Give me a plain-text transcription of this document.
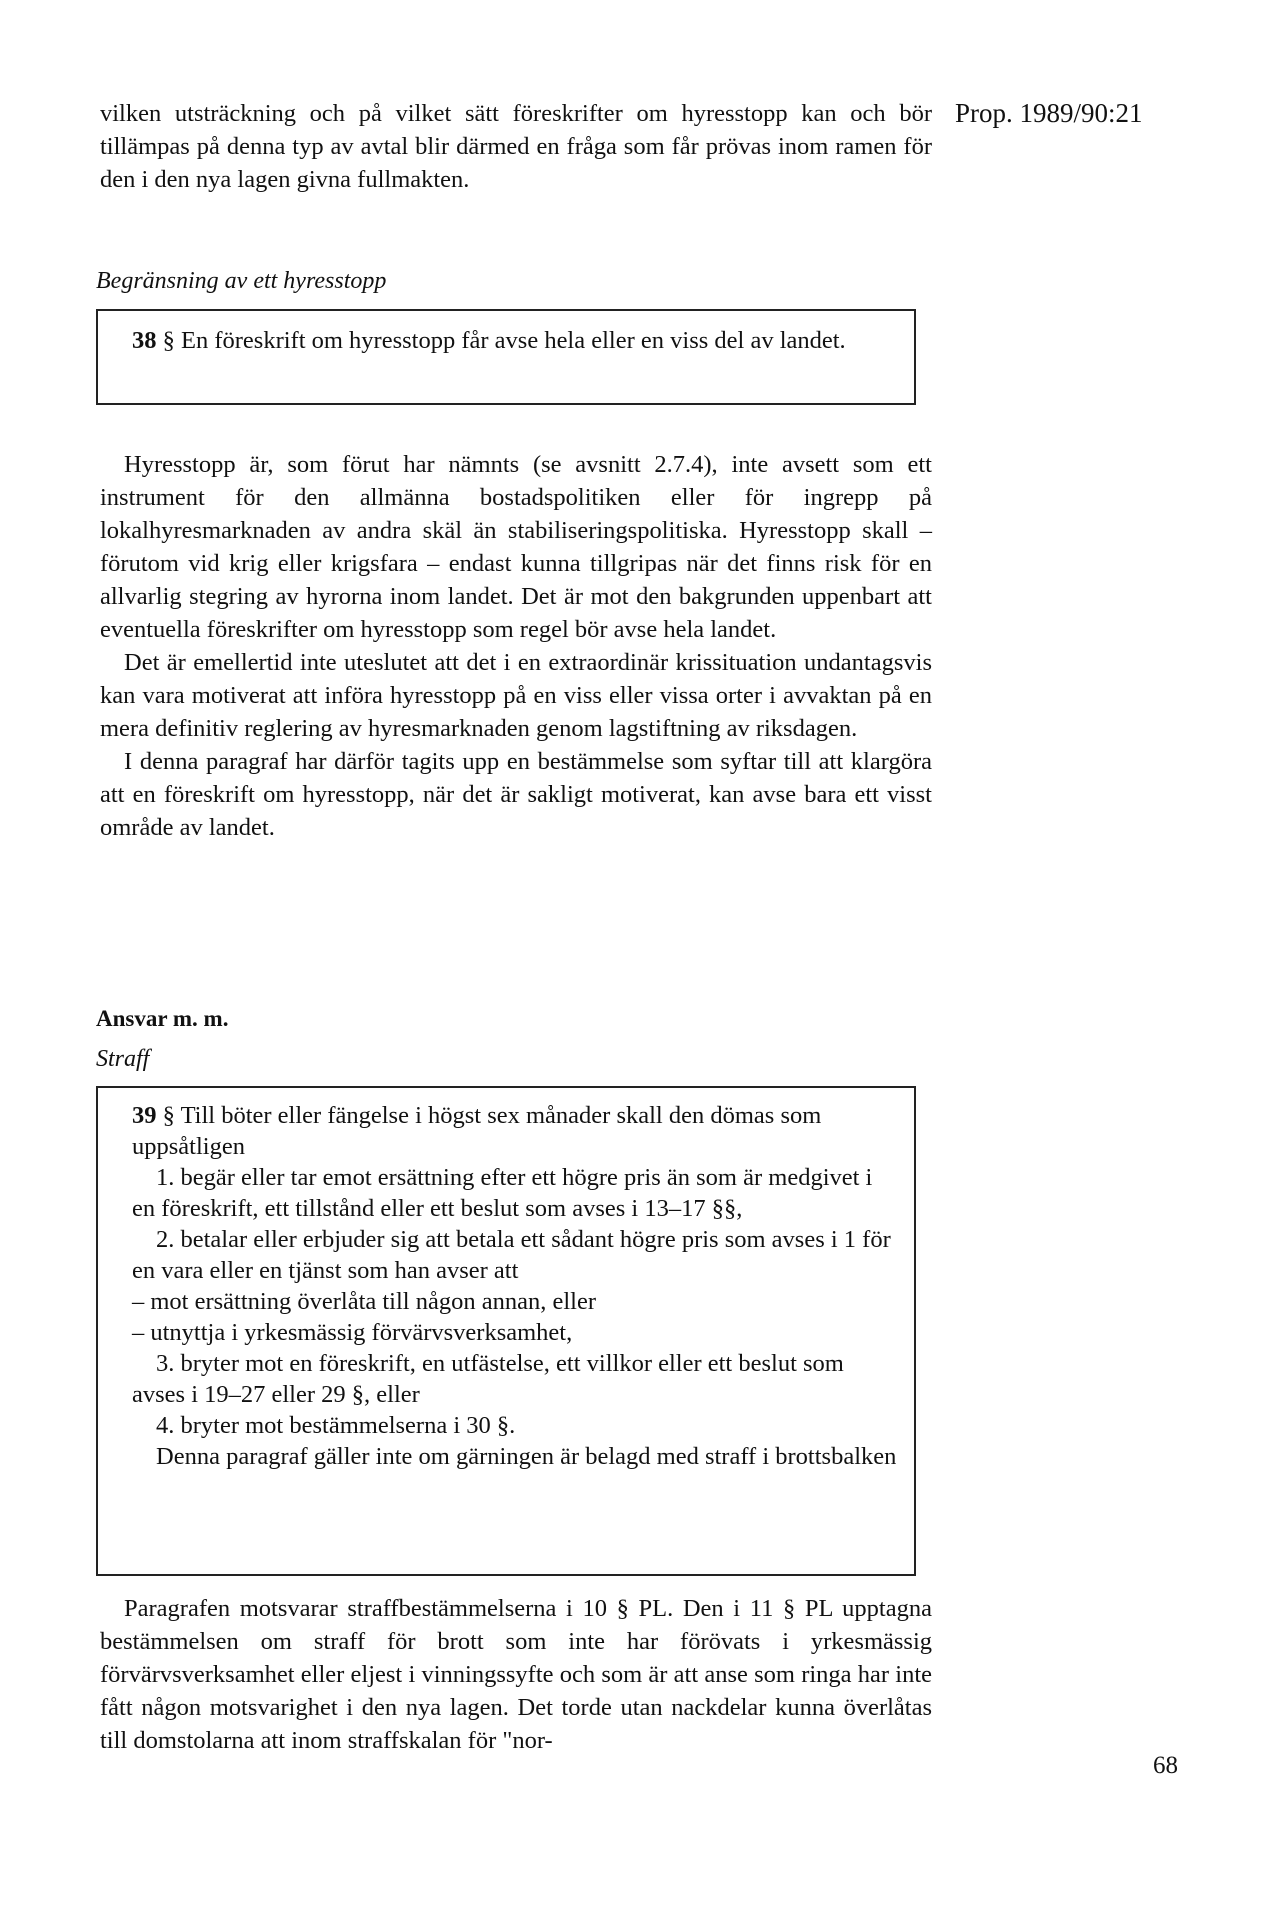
vilken utsträckning och på vilket sätt föreskrifter om hyresstopp kan och bör tillämpas på denna typ av avtal blir därmed en fråga som får prövas inom ramen för den i den nya lagen givna fullmakten.

Prop. 1989/90:21
Begränsning av ett hyresstopp

38 § En föreskrift om hyresstopp får avse hela eller en viss del av landet.

Hyresstopp är, som förut har nämnts (se avsnitt 2.7.4), inte avsett som ett instrument för den allmänna bostadspolitiken eller för ingrepp på lokalhyresmarknaden av andra skäl än stabiliseringspolitiska. Hyresstopp skall – förutom vid krig eller krigsfara – endast kunna tillgripas när det finns risk för en allvarlig stegring av hyrorna inom landet. Det är mot den bakgrunden uppenbart att eventuella föreskrifter om hyresstopp som regel bör avse hela landet.

Det är emellertid inte uteslutet att det i en extraordinär krissituation undantagsvis kan vara motiverat att införa hyresstopp på en viss eller vissa orter i avvaktan på en mera definitiv reglering av hyresmarknaden genom lagstiftning av riksdagen.

I denna paragraf har därför tagits upp en bestämmelse som syftar till att klargöra att en föreskrift om hyresstopp, när det är sakligt motiverat, kan avse bara ett visst område av landet.

Ansvar m. m.
Straff

39 § Till böter eller fängelse i högst sex månader skall den dömas som uppsåtligen

1. begär eller tar emot ersättning efter ett högre pris än som är medgivet i en föreskrift, ett tillstånd eller ett beslut som avses i 13–17 §§,

2. betalar eller erbjuder sig att betala ett sådant högre pris som avses i 1 för en vara eller en tjänst som han avser att

– mot ersättning överlåta till någon annan, eller

– utnyttja i yrkesmässig förvärvsverksamhet,

3. bryter mot en föreskrift, en utfästelse, ett villkor eller ett beslut som avses i 19–27 eller 29 §, eller

4. bryter mot bestämmelserna i 30 §.

Denna paragraf gäller inte om gärningen är belagd med straff i brottsbalken

Paragrafen motsvarar straffbestämmelserna i 10 § PL. Den i 11 § PL upptagna bestämmelsen om straff för brott som inte har förövats i yrkesmässig förvärvsverksamhet eller eljest i vinningssyfte och som är att anse som ringa har inte fått någon motsvarighet i den nya lagen. Det torde utan nackdelar kunna överlåtas till domstolarna att inom straffskalan för "nor-

68
